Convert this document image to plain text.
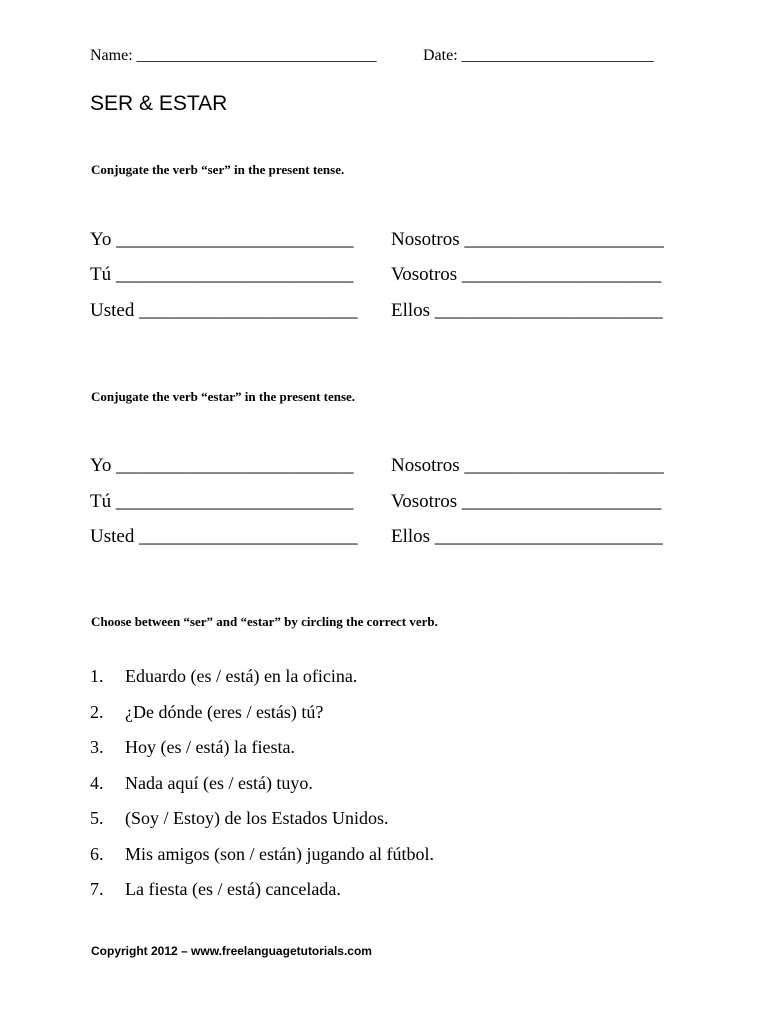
Name: ______________________________	Date: ________________________
SER & ESTAR
Conjugate the verb “ser” in the present tense.
Yo _________________________ Nosotros _____________________
Tú _________________________ Vosotros _____________________
Usted _______________________ Ellos ________________________
Conjugate the verb “estar” in the present tense.
Yo _________________________ Nosotros _____________________
Tú _________________________ Vosotros _____________________
Usted _______________________ Ellos ________________________
Choose between “ser” and “estar” by circling the correct verb.
1. Eduardo (es / está) en la oficina.
2. ¿De dónde (eres / estás) tú?
3. Hoy (es / está) la fiesta.
4. Nada aquí (es / está) tuyo.
5. (Soy / Estoy) de los Estados Unidos.
6. Mis amigos (son / están) jugando al fútbol.
7. La fiesta (es / está) cancelada.
Copyright 2012 – www.freelanguagetutorials.com
